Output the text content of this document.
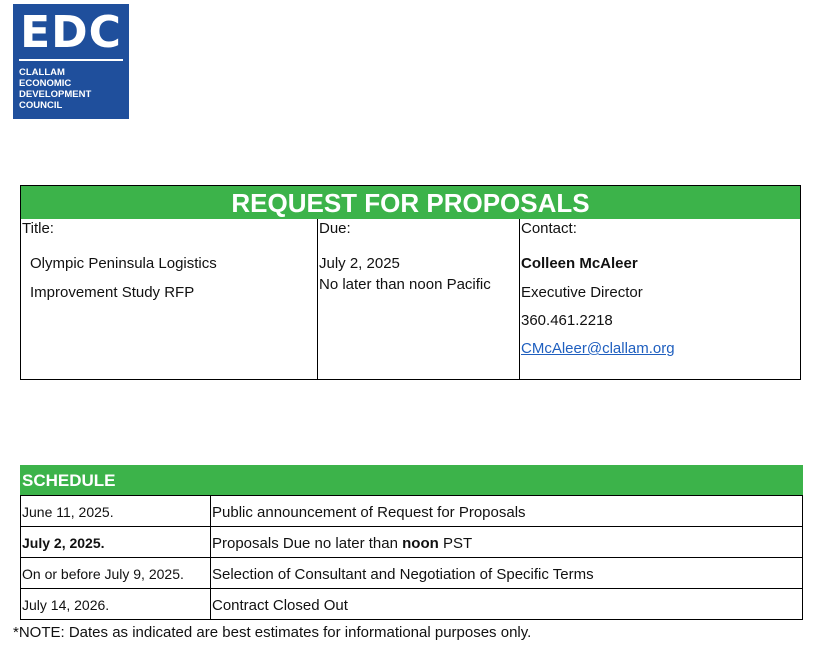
EDC
CLALLAM
ECONOMIC
DEVELOPMENT
COUNCIL
REQUEST FOR PROPOSALS
Title:
Olympic Peninsula Logistics
Improvement Study RFP
Due:
July 2, 2025
No later than noon Pacific
Contact:
Colleen McAleer
Executive Director
360.461.2218
CMcAleer@clallam.org
SCHEDULE	
June 11, 2025.	Public announcement of Request for Proposals
July 2, 2025.	Proposals Due no later than noon PST
On or before July 9, 2025.	Selection of Consultant and Negotiation of Specific Terms
July 14, 2026.	Contract Closed Out
*NOTE: Dates as indicated are best estimates for informational purposes only.
